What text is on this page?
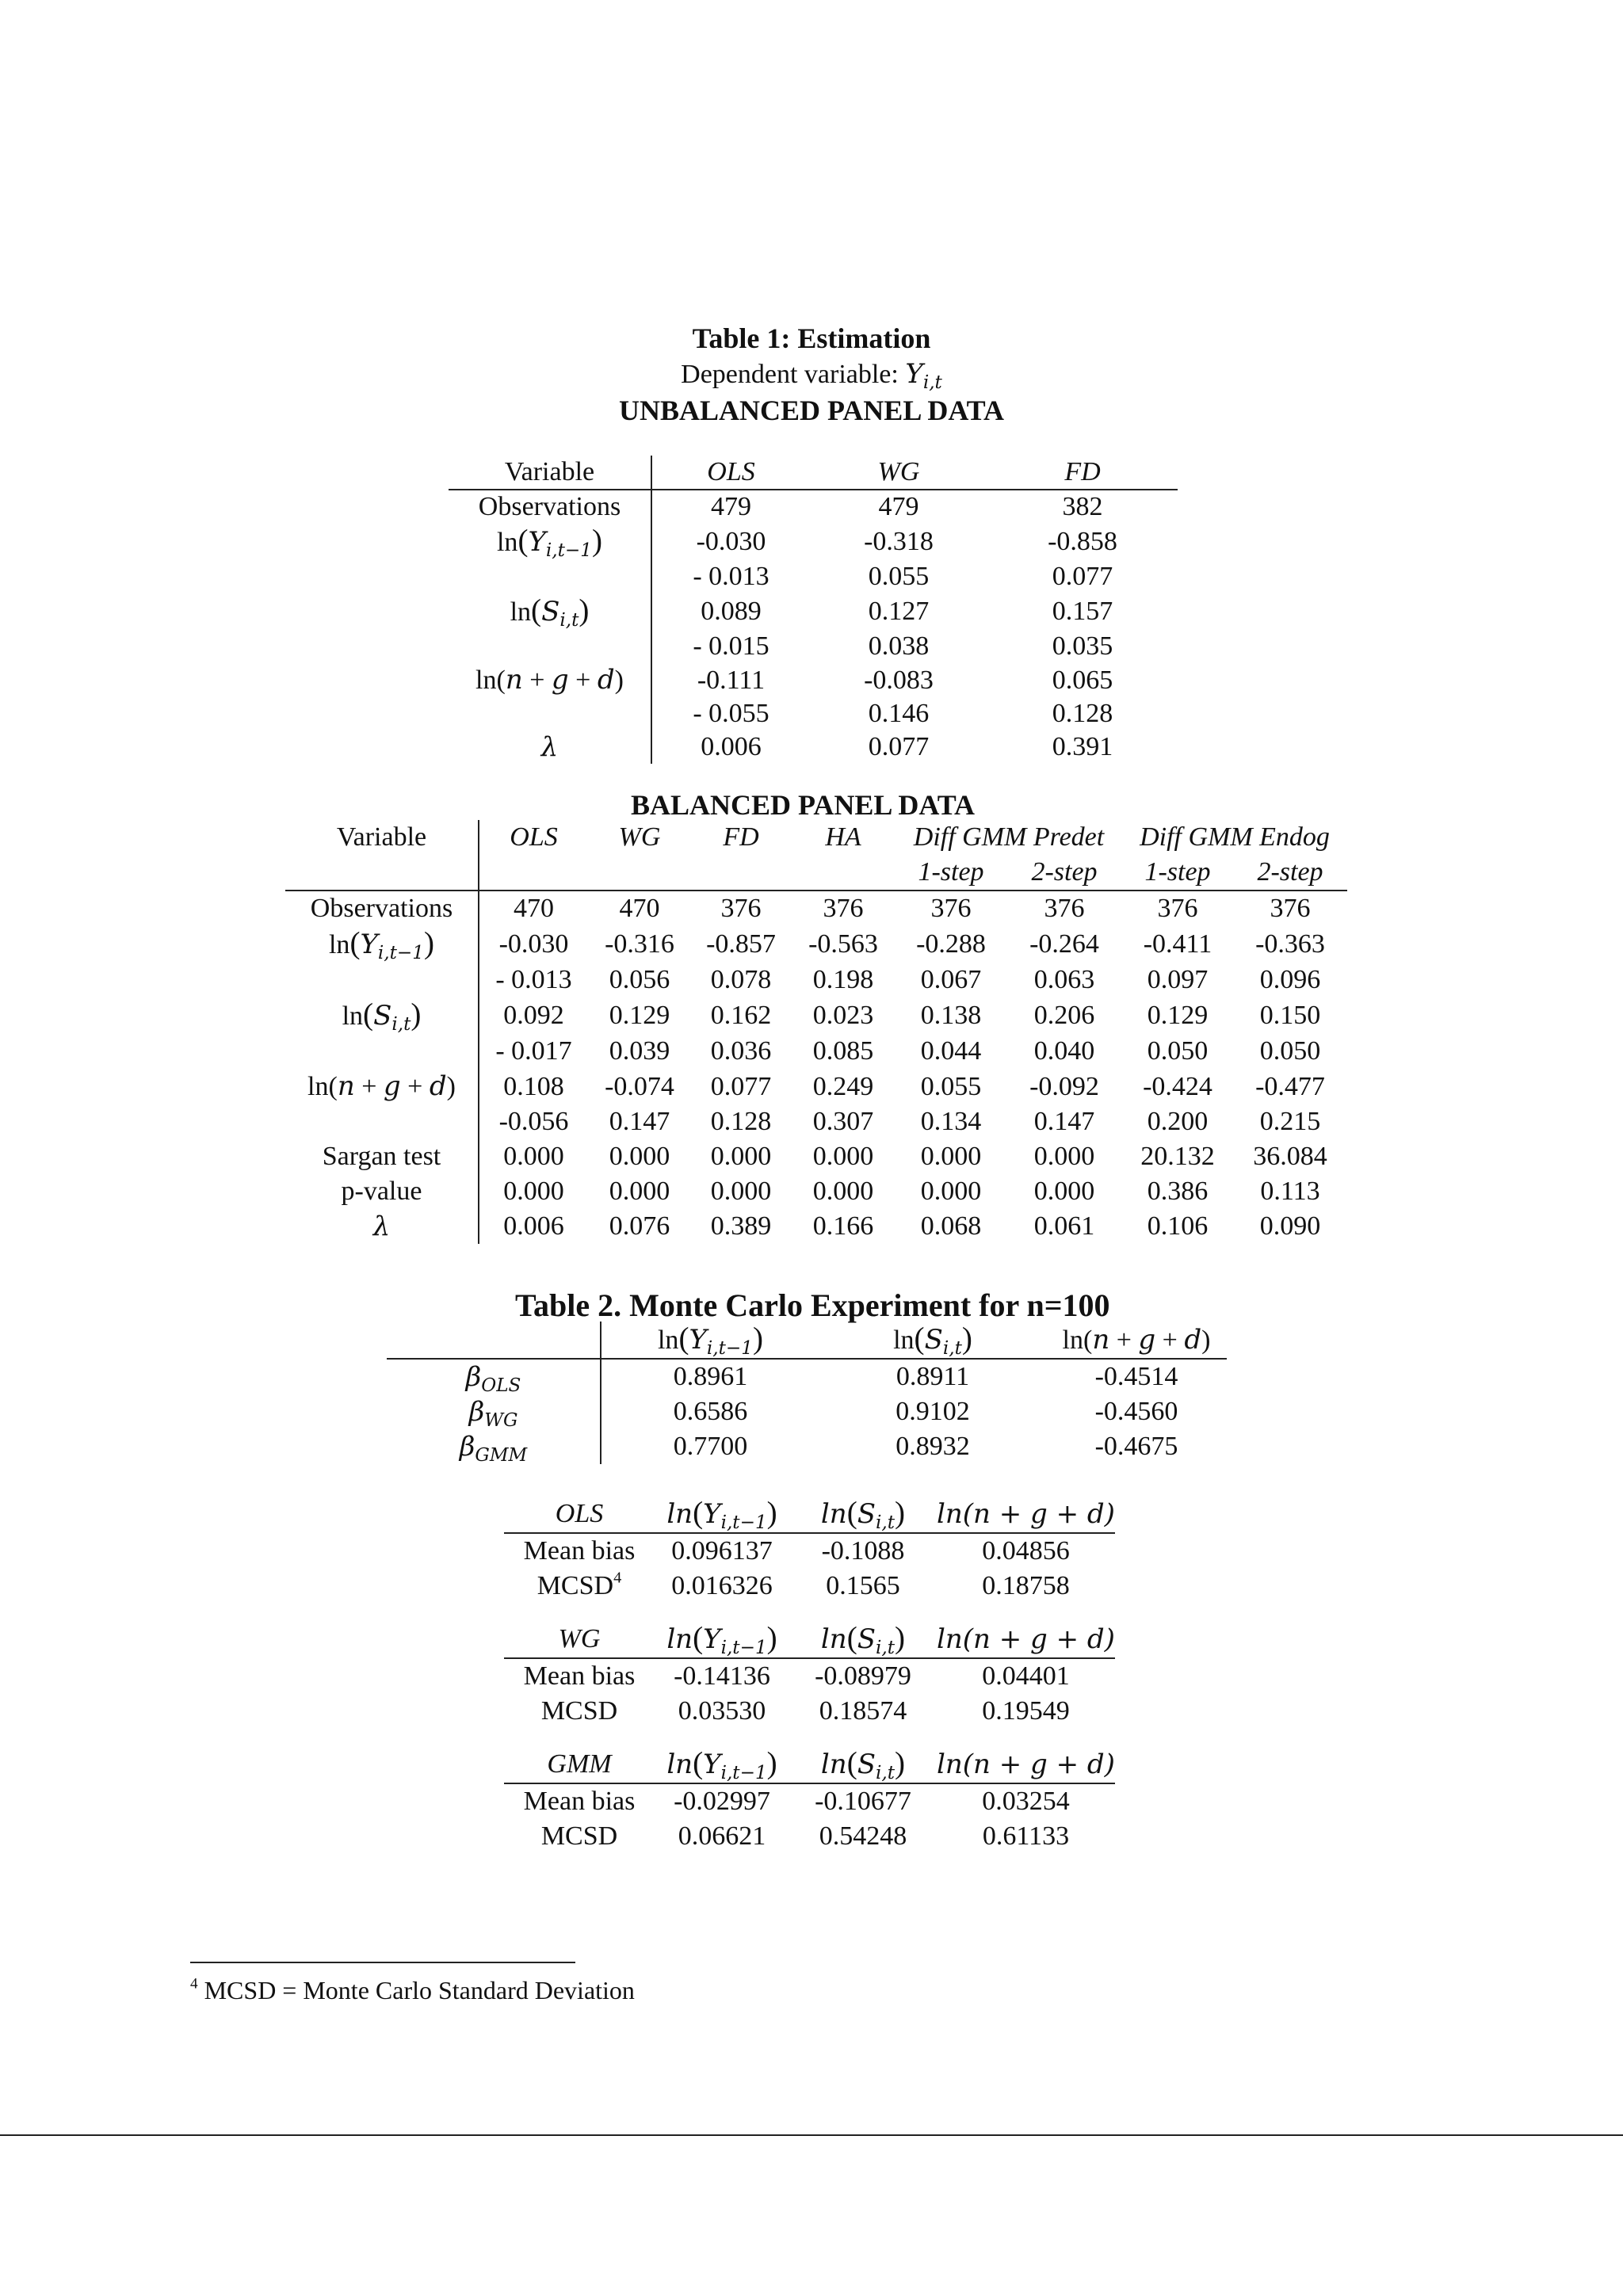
Table 1: Estimation
Dependent variable: $Y_{i,t}$
UNBALANCED PANEL DATA
Variable	OLS	WG	FD
Observations	479	479	382
$\ln(Y_{i,t-1})$	-0.030	-0.318	-0.858
	- 0.013	0.055	0.077
$\ln(S_{i,t})$	0.089	0.127	0.157
	- 0.015	0.038	0.035
ln(n + g + d)	-0.111	-0.083	0.065
	- 0.055	0.146	0.128
λ	0.006	0.077	0.391
BALANCED PANEL DATA
Variable	OLS	WG	FD	HA	Diff GMM Predet		Diff GMM Endog	
					1-step	2-step	1-step	2-step
Observations	470	470	376	376	376	376	376	376
$\ln(Y_{i,t-1})$	-0.030	-0.316	-0.857	-0.563	-0.288	-0.264	-0.411	-0.363
	- 0.013	0.056	0.078	0.198	0.067	0.063	0.097	0.096
$\ln(S_{i,t})$	0.092	0.129	0.162	0.023	0.138	0.206	0.129	0.150
	- 0.017	0.039	0.036	0.085	0.044	0.040	0.050	0.050
ln(n + g + d)	0.108	-0.074	0.077	0.249	0.055	-0.092	-0.424	-0.477
	-0.056	0.147	0.128	0.307	0.134	0.147	0.200	0.215
Sargan test	0.000	0.000	0.000	0.000	0.000	0.000	20.132	36.084
p-value	0.000	0.000	0.000	0.000	0.000	0.000	0.386	0.113
λ	0.006	0.076	0.389	0.166	0.068	0.061	0.106	0.090
Table 2. Monte Carlo Experiment for n=100
	$\ln(Y_{i,t-1})$	$\ln(S_{i,t})$	ln(n + g + d)
$\beta_{OLS}$	0.8961	0.8911	-0.4514
$\beta_{WG}$	0.6586	0.9102	-0.4560
$\beta_{GMM}$	0.7700	0.8932	-0.4675
OLS	$\ln(Y_{i,t-1})$	$\ln(S_{i,t})$	ln(n + g + d)
Mean bias	0.096137	-0.1088	0.04856
MCSD$^4$	0.016326	0.1565	0.18758
WG	$\ln(Y_{i,t-1})$	$\ln(S_{i,t})$	ln(n + g + d)
Mean bias	-0.14136	-0.08979	0.04401
MCSD	0.03530	0.18574	0.19549
GMM	$\ln(Y_{i,t-1})$	$\ln(S_{i,t})$	ln(n + g + d)
Mean bias	-0.02997	-0.10677	0.03254
MCSD	0.06621	0.54248	0.61133
$^4$ MCSD = Monte Carlo Standard Deviation
